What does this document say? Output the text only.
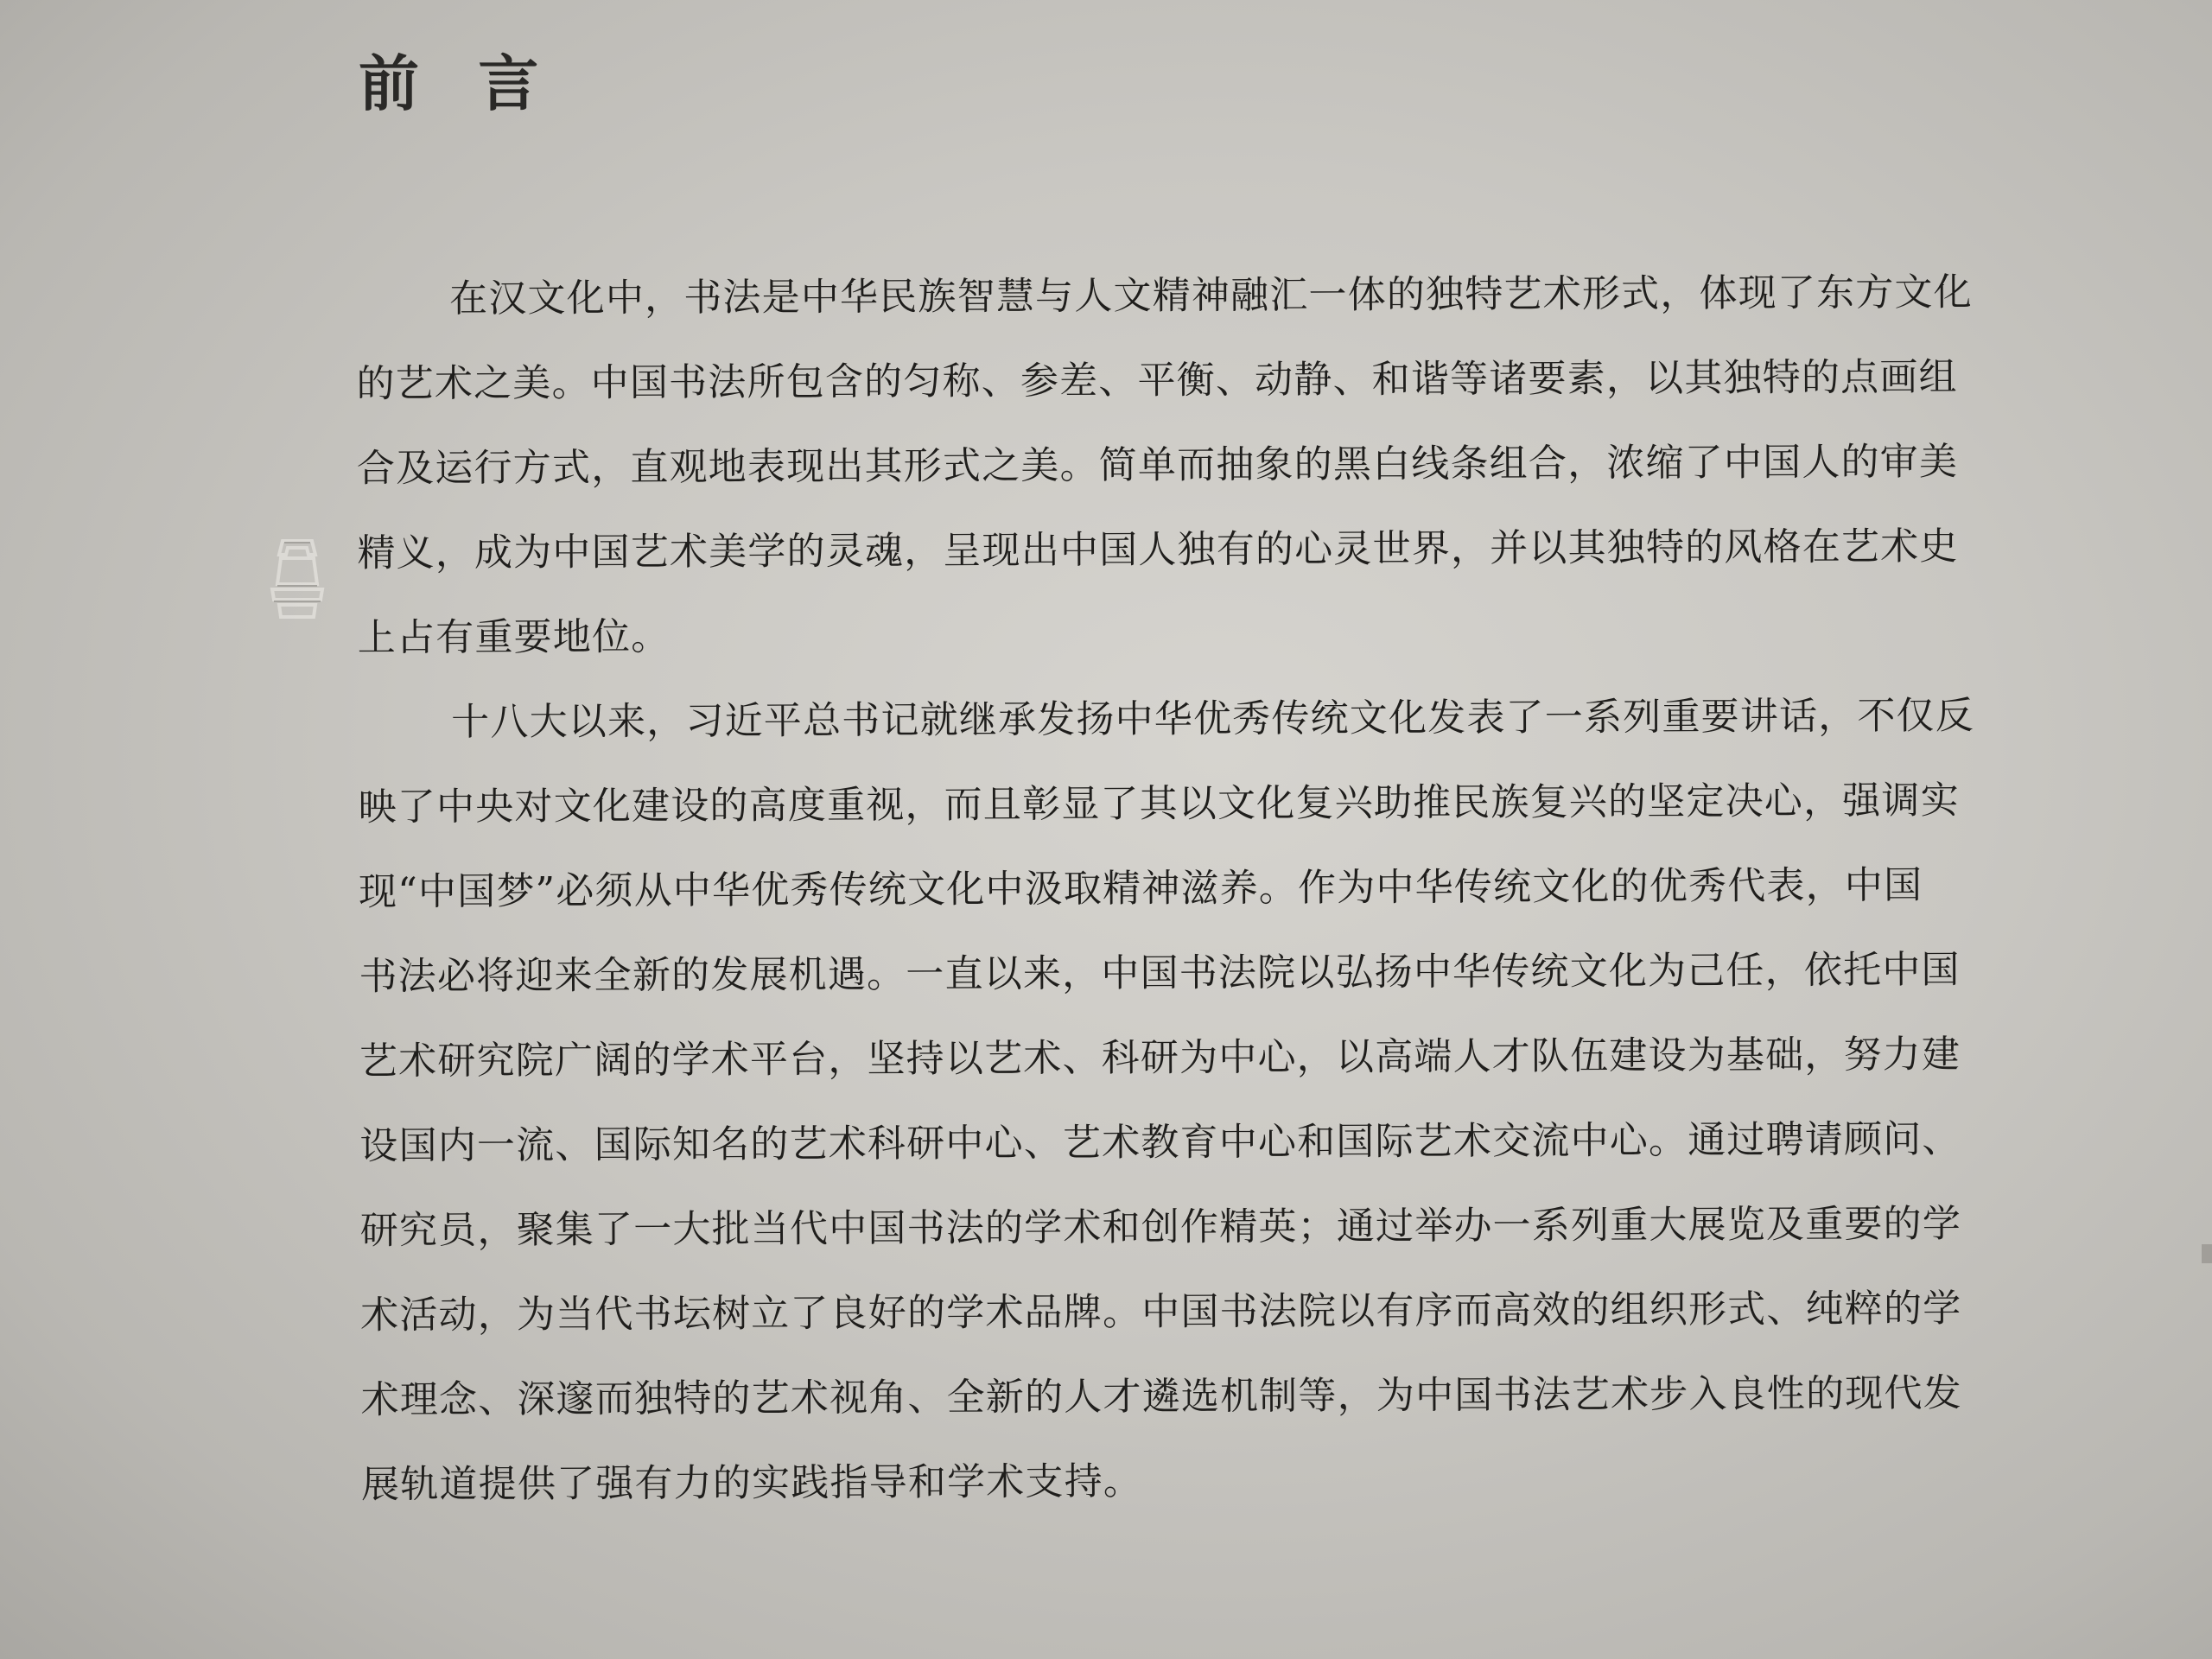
前 言
在汉文化中，书法是中华民族智慧与人文精神融汇一体的独特艺术形式，体现了东方文化
的艺术之美。中国书法所包含的匀称、参差、平衡、动静、和谐等诸要素，以其独特的点画组
合及运行方式，直观地表现出其形式之美。简单而抽象的黑白线条组合，浓缩了中国人的审美
精义，成为中国艺术美学的灵魂，呈现出中国人独有的心灵世界，并以其独特的风格在艺术史
上占有重要地位。
十八大以来，习近平总书记就继承发扬中华优秀传统文化发表了一系列重要讲话，不仅反
映了中央对文化建设的高度重视，而且彰显了其以文化复兴助推民族复兴的坚定决心，强调实
现“中国梦”必须从中华优秀传统文化中汲取精神滋养。作为中华传统文化的优秀代表，中国
书法必将迎来全新的发展机遇。一直以来，中国书法院以弘扬中华传统文化为己任，依托中国
艺术研究院广阔的学术平台，坚持以艺术、科研为中心，以高端人才队伍建设为基础，努力建
设国内一流、国际知名的艺术科研中心、艺术教育中心和国际艺术交流中心。通过聘请顾问、
研究员，聚集了一大批当代中国书法的学术和创作精英；通过举办一系列重大展览及重要的学
术活动，为当代书坛树立了良好的学术品牌。中国书法院以有序而高效的组织形式、纯粹的学
术理念、深邃而独特的艺术视角、全新的人才遴选机制等，为中国书法艺术步入良性的现代发
展轨道提供了强有力的实践指导和学术支持。
